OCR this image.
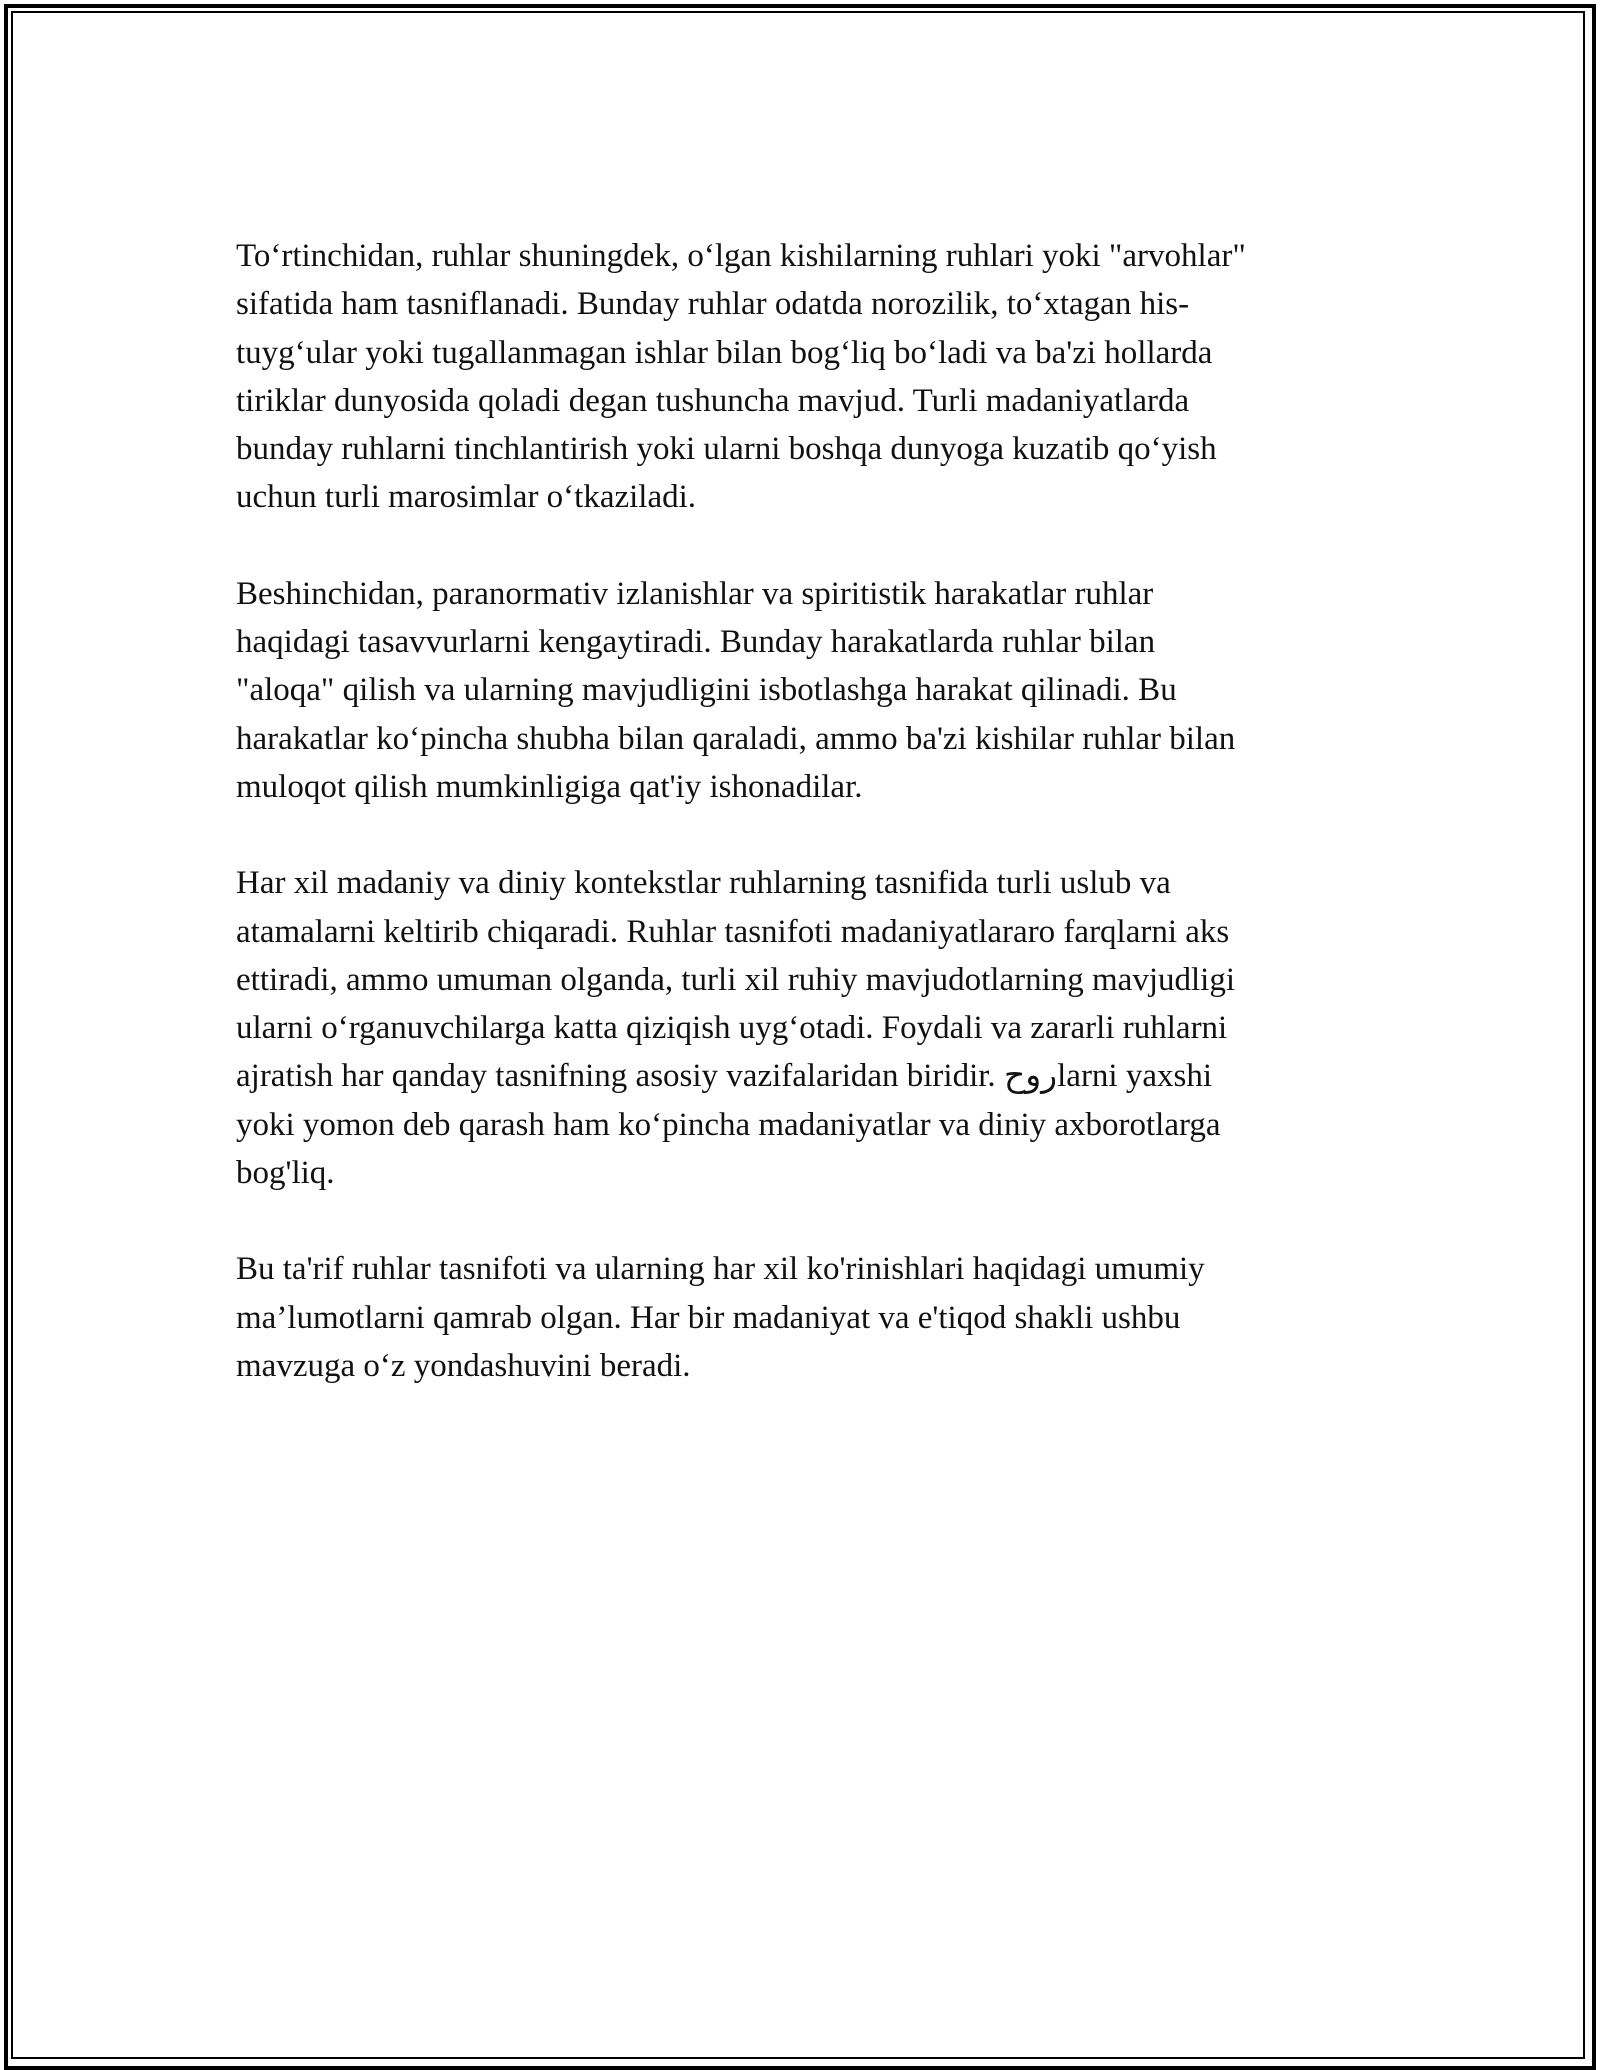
To‘rtinchidan, ruhlar shuningdek, o‘lgan kishilarning ruhlari yoki "arvohlar"
sifatida ham tasniflanadi. Bunday ruhlar odatda norozilik, to‘xtagan his-
tuyg‘ular yoki tugallanmagan ishlar bilan bog‘liq bo‘ladi va ba'zi hollarda
tiriklar dunyosida qoladi degan tushuncha mavjud. Turli madaniyatlarda
bunday ruhlarni tinchlantirish yoki ularni boshqa dunyoga kuzatib qo‘yish
uchun turli marosimlar o‘tkaziladi.

Beshinchidan, paranormativ izlanishlar va spiritistik harakatlar ruhlar
haqidagi tasavvurlarni kengaytiradi. Bunday harakatlarda ruhlar bilan
"aloqa" qilish va ularning mavjudligini isbotlashga harakat qilinadi. Bu
harakatlar ko‘pincha shubha bilan qaraladi, ammo ba'zi kishilar ruhlar bilan
muloqot qilish mumkinligiga qat'iy ishonadilar.

Har xil madaniy va diniy kontekstlar ruhlarning tasnifida turli uslub va
atamalarni keltirib chiqaradi. Ruhlar tasnifoti madaniyatlararo farqlarni aks
ettiradi, ammo umuman olganda, turli xil ruhiy mavjudotlarning mavjudligi
ularni o‘rganuvchilarga katta qiziqish uyg‘otadi. Foydali va zararli ruhlarni
ajratish har qanday tasnifning asosiy vazifalaridan biridir. روحlarni yaxshi
yoki yomon deb qarash ham ko‘pincha madaniyatlar va diniy axborotlarga
bog'liq.

Bu ta'rif ruhlar tasnifoti va ularning har xil ko'rinishlari haqidagi umumiy
ma’lumotlarni qamrab olgan. Har bir madaniyat va e'tiqod shakli ushbu
mavzuga o‘z yondashuvini beradi.
